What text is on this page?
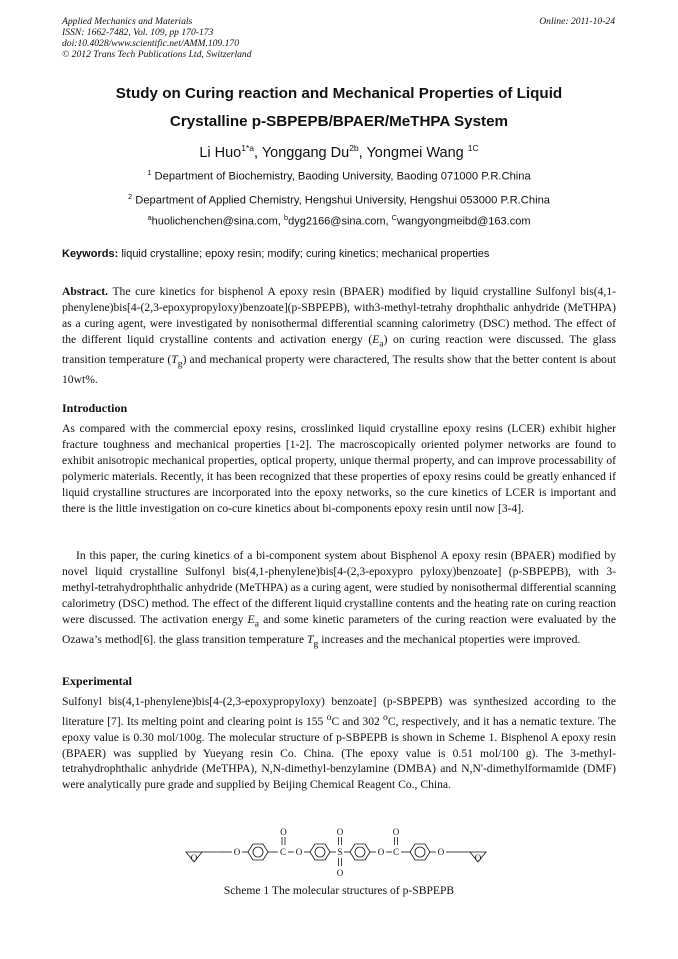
Applied Mechanics and Materials
ISSN: 1662-7482, Vol. 109, pp 170-173
doi:10.4028/www.scientific.net/AMM.109.170
© 2012 Trans Tech Publications Ltd, Switzerland
Online: 2011-10-24
Study on Curing reaction and Mechanical Properties of Liquid
Crystalline p-SBPEPB/BPAER/MeTHPA System
Li Huo$^{1*a}$, Yonggang $Du^{2b}$, Yongmei Wang $^{1C}$
$^1$ Department of Biochemistry, Baoding University, Baoding 071000 P.R.China
$^2$ Department of Applied Chemistry, Hengshui University, Hengshui 053000 P.R.China
$^a$huolichenchen@sina.com, $^b$dyg2166@sina.com, $^C$wangyongmeibd@163.com
Keywords: liquid crystalline; epoxy resin; modify; curing kinetics; mechanical properties
Abstract. The cure kinetics for bisphenol A epoxy resin (BPAER) modified by liquid crystalline Sulfonyl bis(4,1-phenylene)bis[4-(2,3-epoxypropyloxy)benzoate](p-SBPEPB), with3-methyl-tetrahy drophthalic anhydride (MeTHPA) as a curing agent, were investigated by nonisothermal differential scanning calorimetry (DSC) method. The effect of the different liquid crystalline contents and activation energy $(E_a)$ on curing reaction were discussed. The glass transition temperature $(T_g)$ and mechanical property were charactered, The results show that the better content is about 10wt%.
Introduction
As compared with the commercial epoxy resins, crosslinked liquid crystalline epoxy resins (LCER) exhibit higher fracture toughness and mechanical properties [1-2]. The macroscopically oriented polymer networks are found to exhibit anisotropic mechanical properties, optical property, unique thermal property, and can improve processability of polymeric materials. Recently, it has been recognized that these properties of epoxy resins could be greatly enhanced if liquid crystalline structures are incorporated into the epoxy networks, so the cure kinetics of LCER is important and there is the little investigation on co-cure kinetics about bi-components epoxy resin until now [3-4].
In this paper, the curing kinetics of a bi-component system about Bisphenol A epoxy resin (BPAER) modified by novel liquid crystalline Sulfonyl bis(4,1-phenylene)bis[4-(2,3-epoxypro pyloxy)benzoate] (p-SBPEPB), with 3-methyl-tetrahydrophthalic anhydride (MeTHPA) as a curing agent, were studied by nonisothermal differential scanning calorimetry (DSC) method. The effect of the different liquid crystalline contents and the heating rate on curing reaction were discussed. The activation energy $E_a$ and some kinetic parameters of the curing reaction were evaluated by the Ozawa’s method[6]. the glass transition temperature $T_g$ increases and the mechanical ptoperties were improved.
Experimental
Sulfonyl bis(4,1-phenylene)bis[4-(2,3-epoxypropyloxy) benzoate] (p-SBPEPB) was synthesized according to the literature [7]. Its melting point and clearing point is 155 $^o$C and 302 $^o$C, respectively, and it has a nematic texture. The epoxy value is 0.30 mol/100g. The molecular structure of p-SBPEPB is shown in Scheme 1. Bisphenol A epoxy resin (BPAER) was supplied by Yueyang resin Co. China. (The epoxy value is 0.51 mol/100 g). The 3-methyl-tetrahydrophthalic anhydride (MeTHPA), N,N-dimethyl-benzylamine (DMBA) and N,N'-dimethylformamide (DMF) were analytically pure grade and supplied by Beijing Chemical Reagent Co., China.
O
O	C
O
O	S
O
O
O C
O
O
O
Scheme 1 The molecular structures of p-SBPEPB
